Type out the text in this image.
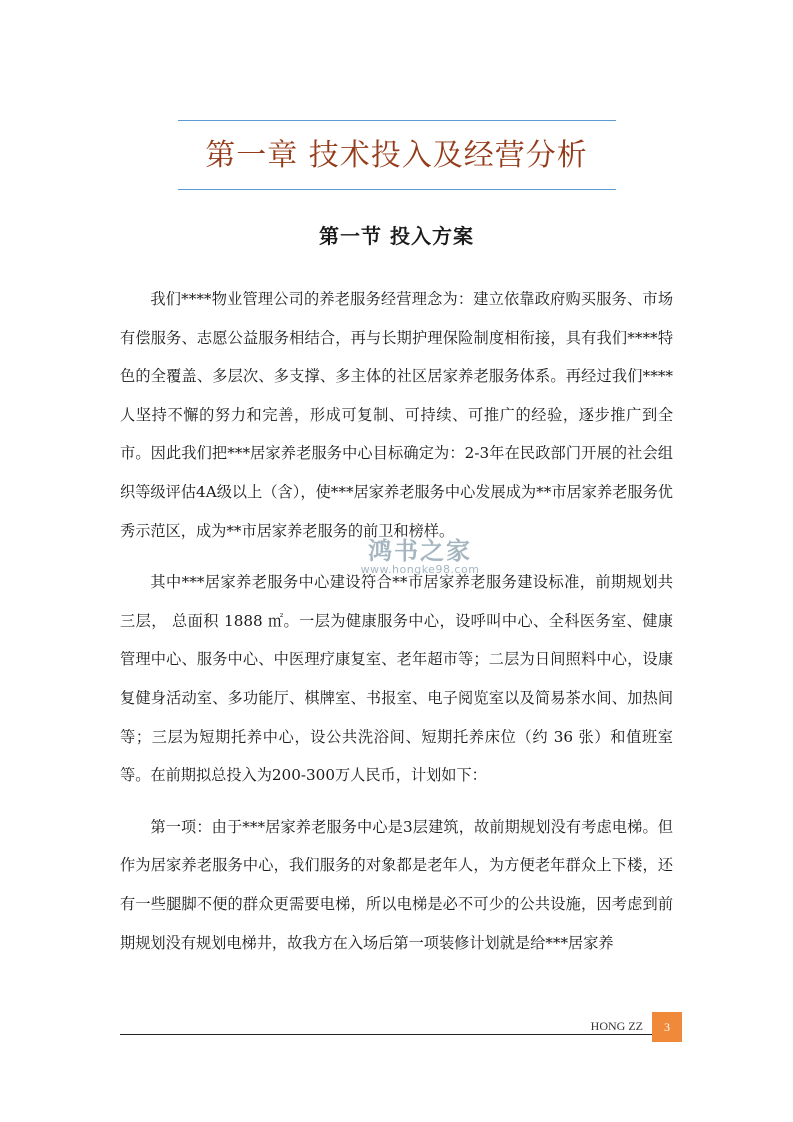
第一章 技术投入及经营分析
第一节 投入方案

我们****物业管理公司的养老服务经营理念为：建立依靠政府购买服务、市场有偿服务、志愿公益服务相结合，再与长期护理保险制度相衔接，具有我们****特色的全覆盖、多层次、多支撑、多主体的社区居家养老服务体系。再经过我们****人坚持不懈的努力和完善，形成可复制、可持续、可推广的经验，逐步推广到全市。因此我们把***居家养老服务中心目标确定为：2-3年在民政部门开展的社会组织等级评估4A级以上（含），使***居家养老服务中心发展成为**市居家养老服务优秀示范区，成为**市居家养老服务的前卫和榜样。

其中***居家养老服务中心建设符合**市居家养老服务建设标准，前期规划共三层， 总面积 1888 ㎡。一层为健康服务中心，设呼叫中心、全科医务室、健康管理中心、服务中心、中医理疗康复室、老年超市等；二层为日间照料中心，设康复健身活动室、多功能厅、棋牌室、书报室、电子阅览室以及简易茶水间、加热间等；三层为短期托养中心，设公共洗浴间、短期托养床位（约 36 张）和值班室等。在前期拟总投入为200-300万人民币，计划如下：

第一项：由于***居家养老服务中心是3层建筑，故前期规划没有考虑电梯。但作为居家养老服务中心，我们服务的对象都是老年人，为方便老年群众上下楼，还有一些腿脚不便的群众更需要电梯，所以电梯是必不可少的公共设施，因考虑到前期规划没有规划电梯井，故我方在入场后第一项装修计划就是给***居家养

鸿书之家
www.hongke98.com
HONG ZZ	3
